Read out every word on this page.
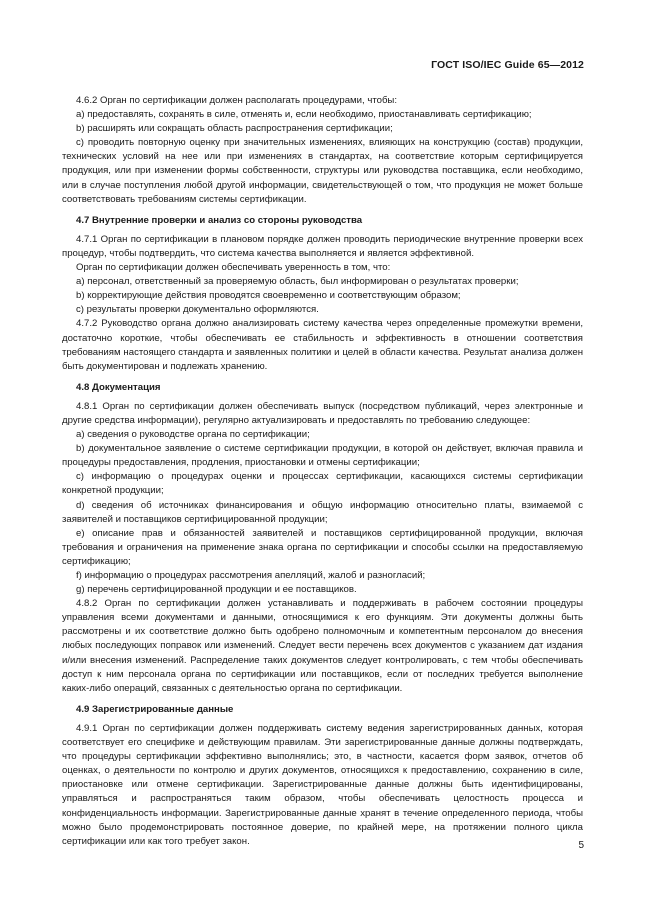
ГОСТ ISO/IEC Guide 65—2012

4.6.2 Орган по сертификации должен располагать процедурами, чтобы:

а) предоставлять, сохранять в силе, отменять и, если необходимо, приостанавливать сертификацию;

b) расширять или сокращать область распространения сертификации;

с) проводить повторную оценку при значительных изменениях, влияющих на конструкцию (состав) продукции, технических условий на нее или при изменениях в стандартах, на соответствие которым сертифицируется продукция, или при изменении формы собственности, структуры или руководства поставщика, если необходимо, или в случае поступления любой другой информации, свидетельствующей о том, что продукция не может больше соответствовать требованиям системы сертификации.

4.7 Внутренние проверки и анализ со стороны руководства

4.7.1 Орган по сертификации в плановом порядке должен проводить периодические внутренние проверки всех процедур, чтобы подтвердить, что система качества выполняется и является эффективной.

Орган по сертификации должен обеспечивать уверенность в том, что:

а) персонал, ответственный за проверяемую область, был информирован о результатах проверки;

b) корректирующие действия проводятся своевременно и соответствующим образом;

с) результаты проверки документально оформляются.

4.7.2 Руководство органа должно анализировать систему качества через определенные промежутки времени, достаточно короткие, чтобы обеспечивать ее стабильность и эффективность в отношении соответствия требованиям настоящего стандарта и заявленных политики и целей в области качества. Результат анализа должен быть документирован и подлежать хранению.

4.8 Документация

4.8.1 Орган по сертификации должен обеспечивать выпуск (посредством публикаций, через электронные и другие средства информации), регулярно актуализировать и предоставлять по требованию следующее:

а) сведения о руководстве органа по сертификации;

b) документальное заявление о системе сертификации продукции, в которой он действует, включая правила и процедуры предоставления, продления, приостановки и отмены сертификации;

с) информацию о процедурах оценки и процессах сертификации, касающихся системы сертификации конкретной продукции;

d) сведения об источниках финансирования и общую информацию относительно платы, взимаемой с заявителей и поставщиков сертифицированной продукции;

е) описание прав и обязанностей заявителей и поставщиков сертифицированной продукции, включая требования и ограничения на применение знака органа по сертификации и способы ссылки на предоставляемую сертификацию;

f) информацию о процедурах рассмотрения апелляций, жалоб и разногласий;

g) перечень сертифицированной продукции и ее поставщиков.

4.8.2 Орган по сертификации должен устанавливать и поддерживать в рабочем состоянии процедуры управления всеми документами и данными, относящимися к его функциям. Эти документы должны быть рассмотрены и их соответствие должно быть одобрено полномочным и компетентным персоналом до внесения любых последующих поправок или изменений. Следует вести перечень всех документов с указанием дат издания и/или внесения изменений. Распределение таких документов следует контролировать, с тем чтобы обеспечивать доступ к ним персонала органа по сертификации или поставщиков, если от последних требуется выполнение каких-либо операций, связанных с деятельностью органа по сертификации.

4.9 Зарегистрированные данные

4.9.1 Орган по сертификации должен поддерживать систему ведения зарегистрированных данных, которая соответствует его специфике и действующим правилам. Эти зарегистрированные данные должны подтверждать, что процедуры сертификации эффективно выполнялись; это, в частности, касается форм заявок, отчетов об оценках, о деятельности по контролю и других документов, относящихся к предоставлению, сохранению в силе, приостановке или отмене сертификации. Зарегистрированные данные должны быть идентифицированы, управляться и распространяться таким образом, чтобы обеспечивать целостность процесса и конфиденциальность информации. Зарегистрированные данные хранят в течение определенного периода, чтобы можно было продемонстрировать постоянное доверие, по крайней мере, на протяжении полного цикла сертификации или как того требует закон.	5
